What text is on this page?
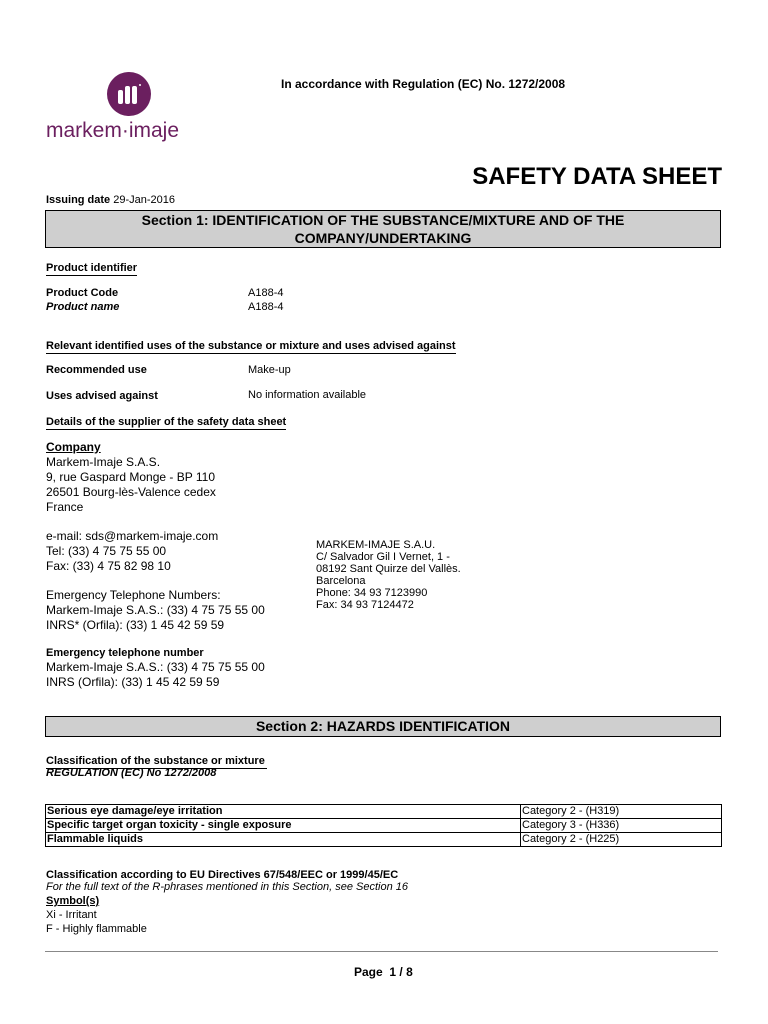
markem·imaje
In accordance with Regulation (EC) No. 1272/2008
SAFETY DATA SHEET
Issuing date 29-Jan-2016
Section 1: IDENTIFICATION OF THE SUBSTANCE/MIXTURE AND OF THE
COMPANY/UNDERTAKING
Product identifier
Product Code	A188-4
Product name	A188-4
Relevant identified uses of the substance or mixture and uses advised against
Recommended use	Make-up
Uses advised against	No information available
Details of the supplier of the safety data sheet
Company
Markem-Imaje S.A.S.
9, rue Gaspard Monge - BP 110
26501 Bourg-lès-Valence cedex
France
e-mail: sds@markem-imaje.com
Tel: (33) 4 75 75 55 00
Fax: (33) 4 75 82 98 10
Emergency Telephone Numbers:
Markem-Imaje S.A.S.: (33) 4 75 75 55 00
INRS* (Orfila): (33) 1 45 42 59 59
MARKEM-IMAJE S.A.U.
C/ Salvador Gil I Vernet, 1 -
08192 Sant Quirze del Vallès.
Barcelona
Phone: 34 93 7123990
Fax: 34 93 7124472
Emergency telephone number
Markem-Imaje S.A.S.: (33) 4 75 75 55 00
INRS (Orfila): (33) 1 45 42 59 59
Section 2: HAZARDS IDENTIFICATION
Classification of the substance or mixture
REGULATION (EC) No 1272/2008
Serious eye damage/eye irritation	Category 2 - (H319)
Specific target organ toxicity - single exposure	Category 3 - (H336)
Flammable liquids	Category 2 - (H225)
Classification according to EU Directives 67/548/EEC or 1999/45/EC
For the full text of the R-phrases mentioned in this Section, see Section 16
Symbol(s)
Xi - Irritant
F - Highly flammable
Page 1 / 8
